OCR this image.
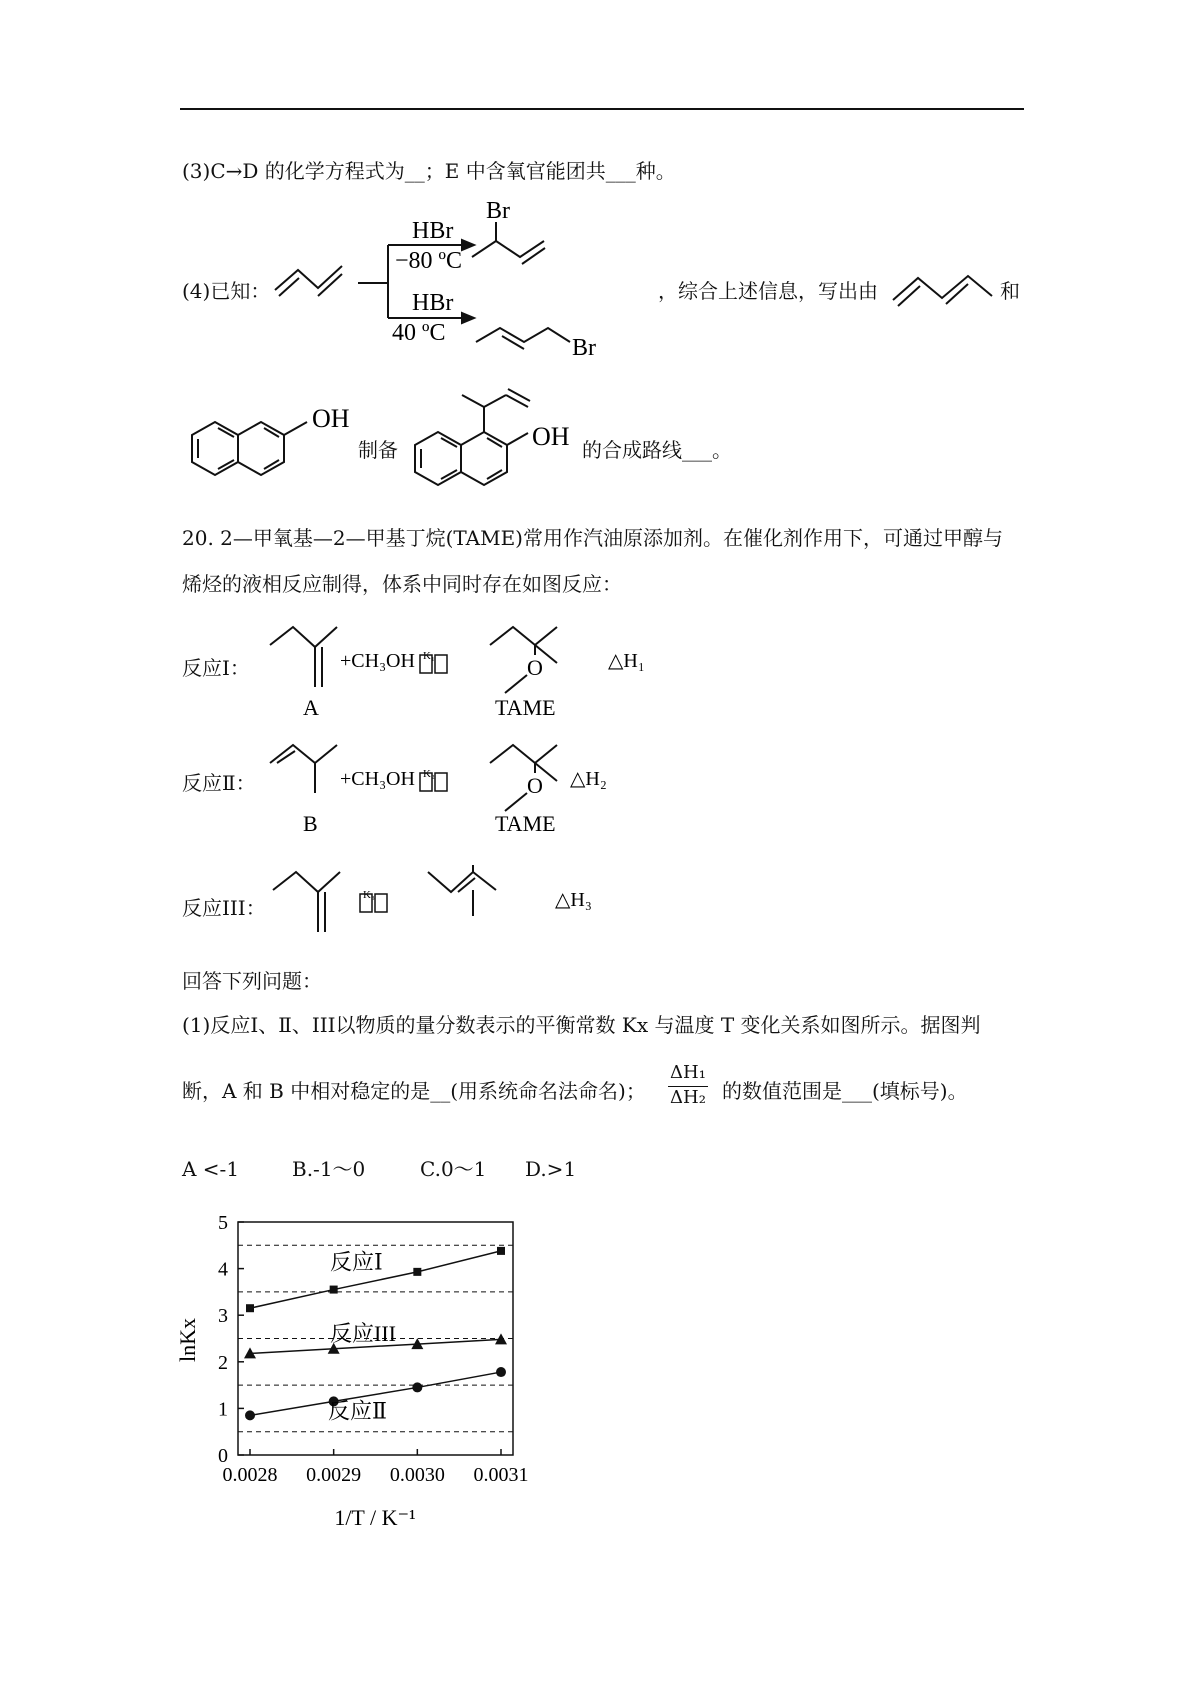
(3)C→D 的化学方程式为__；E 中含氧官能团共___种。
(4)已知：
HBr
−80 ºC
HBr
40 ºC
Br
Br
，综合上述信息，写出由	和
OH
制备	OH 的合成路线___。
20. 2—甲氧基—2—甲基丁烷(TAME)常用作汽油原添加剂。在催化剂作用下，可通过甲醇与
烯烃的液相反应制得，体系中同时存在如图反应：
反应Ⅰ：
A
+CH₃OH K₁	O
TAME
△H₁
反应Ⅱ：
B
+CH₃OH K₂	O
TAME
△H₂
反应III：
K₃	△H₃
回答下列问题：
(1)反应Ⅰ、Ⅱ、III以物质的量分数表示的平衡常数 Kx 与温度 T 变化关系如图所示。据图判
断，A 和 B 中相对稳定的是__(用系统命名法命名)； $\frac{\text{ΔH₁}}{\text{ΔH₂}}$ 的数值范围是___(填标号)。
A <-1	B.-1～0	C.0～1 D.>1
0
1
2
3
4
5
0.0028 0.0029 0.0030 0.0031
反应Ⅰ
反应III
反应Ⅱ
lnKx
1/T / K⁻¹
